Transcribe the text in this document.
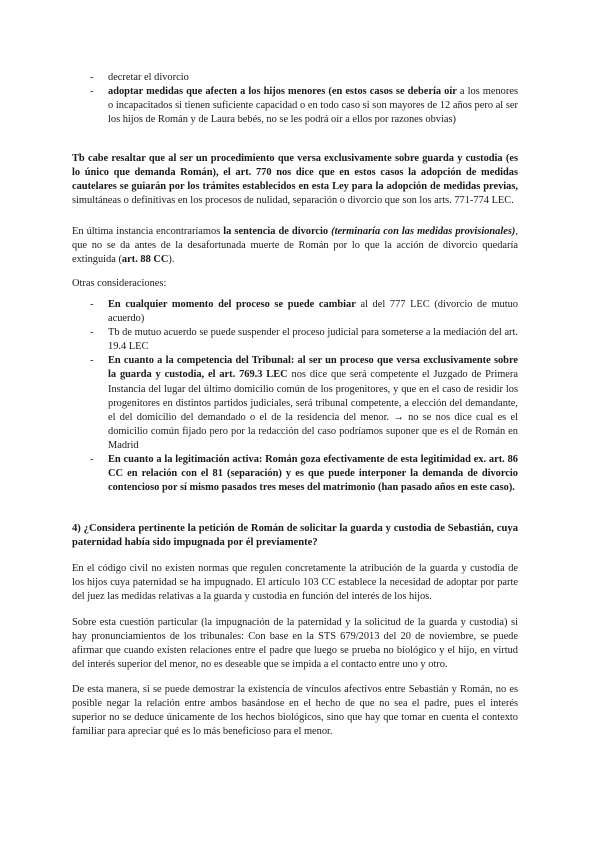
- decretar el divorcio
- adoptar medidas que afecten a los hijos menores (en estos casos se debería oír a los menores o incapacitados si tienen suficiente capacidad o en todo caso si son mayores de 12 años pero al ser los hijos de Román y de Laura bebés, no se les podrá oír a ellos por razones obvias)

Tb cabe resaltar que al ser un procedimiento que versa exclusivamente sobre guarda y custodia (es lo único que demanda Román), el art. 770 nos dice que en estos casos la adopción de medidas cautelares se guiarán por los trámites establecidos en esta Ley para la adopción de medidas previas, simultáneas o definitivas en los procesos de nulidad, separación o divorcio que son los arts. 771-774 LEC.

En última instancia encontraríamos la sentencia de divorcio (terminaría con las medidas provisionales), que no se da antes de la desafortunada muerte de Román por lo que la acción de divorcio quedaría extinguida (art. 88 CC).

Otras consideraciones:

- En cualquier momento del proceso se puede cambiar al del 777 LEC (divorcio de mutuo acuerdo)
- Tb de mutuo acuerdo se puede suspender el proceso judicial para someterse a la mediación del art. 19.4 LEC
- En cuanto a la competencia del Tribunal: al ser un proceso que versa exclusivamente sobre la guarda y custodia, el art. 769.3 LEC nos dice que será competente el Juzgado de Primera Instancia del lugar del último domicilio común de los progenitores, y que en el caso de residir los progenitores en distintos partidos judiciales, será tribunal competente, a elección del demandante, el del domicilio del demandado o el de la residencia del menor. → no se nos dice cual es el domicilio común fijado pero por la redacción del caso podríamos suponer que es el de Román en Madrid
- En cuanto a la legitimación activa: Román goza efectivamente de esta legitimidad ex. art. 86 CC en relación con el 81 (separación) y es que puede interponer la demanda de divorcio contencioso por sí mismo pasados tres meses del matrimonio (han pasado años en este caso).

4) ¿Considera pertinente la petición de Román de solicitar la guarda y custodia de Sebastián, cuya paternidad había sido impugnada por él previamente?

En el código civil no existen normas que regulen concretamente la atribución de la guarda y custodia de los hijos cuya paternidad se ha impugnado. El artículo 103 CC establece la necesidad de adoptar por parte del juez las medidas relativas a la guarda y custodia en función del interés de los hijos.

Sobre esta cuestión particular (la impugnación de la paternidad y la solicitud de la guarda y custodia) si hay pronunciamientos de los tribunales: Con base en la STS 679/2013 del 20 de noviembre, se puede afirmar que cuando existen relaciones entre el padre que luego se prueba no biológico y el hijo, en virtud del interés superior del menor, no es deseable que se impida a el contacto entre uno y otro.

De esta manera, si se puede demostrar la existencia de vínculos afectivos entre Sebastián y Román, no es posible negar la relación entre ambos basándose en el hecho de que no sea el padre, pues el interés superior no se deduce únicamente de los hechos biológicos, sino que hay que tomar en cuenta el contexto familiar para apreciar qué es lo más beneficioso para el menor.
